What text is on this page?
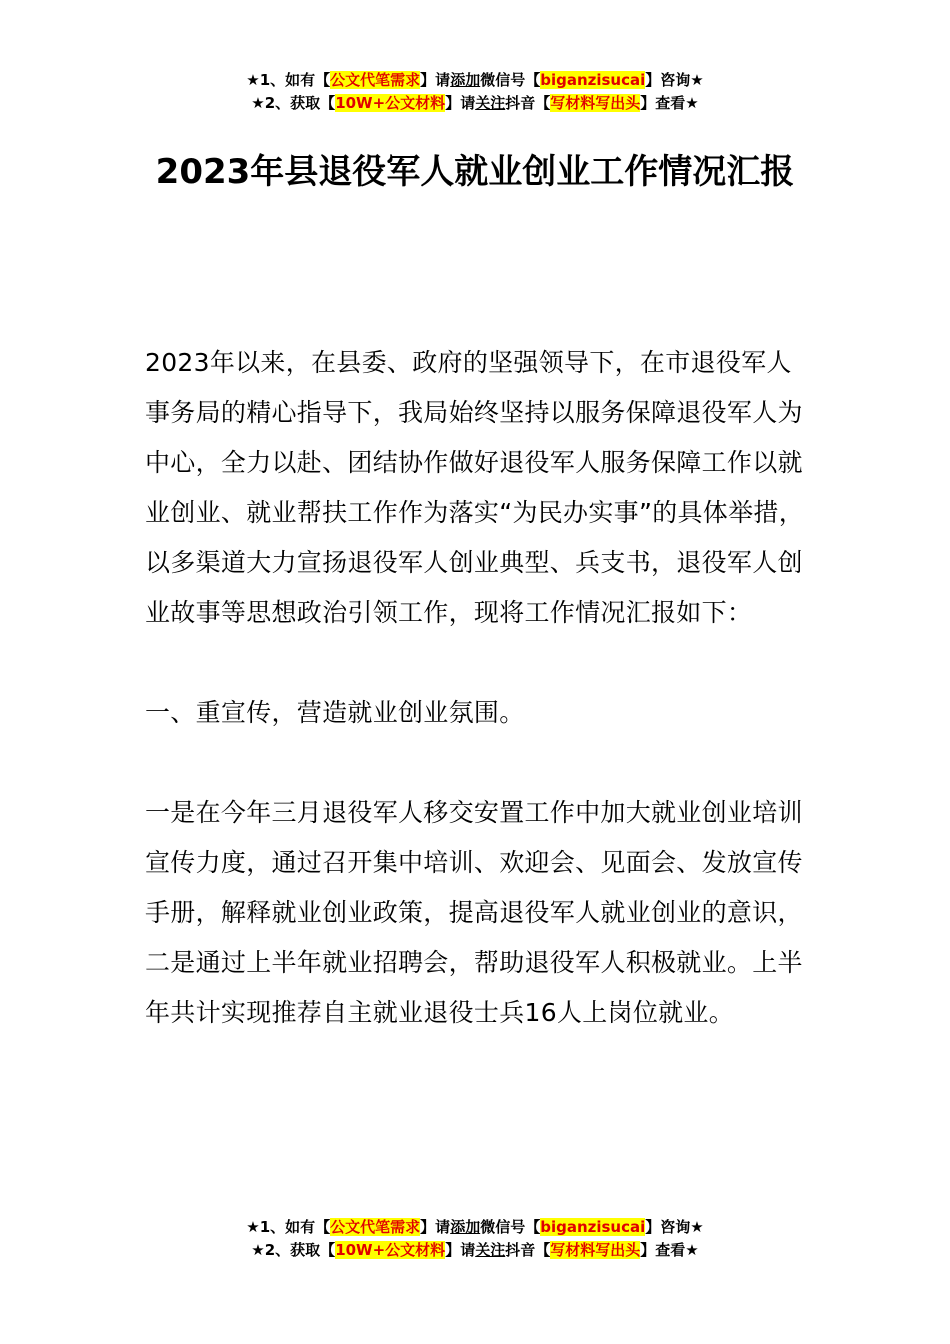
★1、如有【公文代笔需求】请添加微信号【biganzisucai】咨询★
★2、获取【10W+公文材料】请关注抖音【写材料写出头】查看★
2023年县退役军人就业创业工作情况汇报

2023年以来，在县委、政府的坚强领导下，在市退役军人事务局的精心指导下，我局始终坚持以服务保障退役军人为中心，全力以赴、团结协作做好退役军人服务保障工作以就业创业、就业帮扶工作作为落实“为民办实事”的具体举措，以多渠道大力宣扬退役军人创业典型、兵支书，退役军人创业故事等思想政治引领工作，现将工作情况汇报如下：

一、重宣传，营造就业创业氛围。

一是在今年三月退役军人移交安置工作中加大就业创业培训宣传力度，通过召开集中培训、欢迎会、见面会、发放宣传手册，解释就业创业政策，提高退役军人就业创业的意识，二是通过上半年就业招聘会，帮助退役军人积极就业。上半年共计实现推荐自主就业退役士兵16人上岗位就业。

★1、如有【公文代笔需求】请添加微信号【biganzisucai】咨询★
★2、获取【10W+公文材料】请关注抖音【写材料写出头】查看★
